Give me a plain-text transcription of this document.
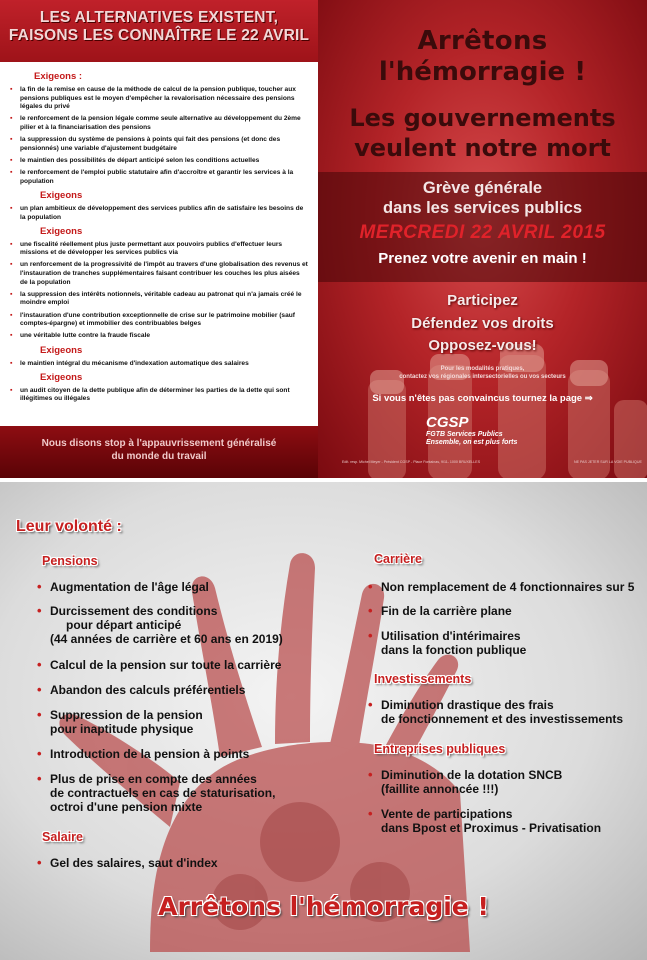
LES ALTERNATIVES EXISTENT,
FAISONS LES CONNAÎTRE LE 22 AVRIL
Exigeons :
▪ la fin de la remise en cause de la méthode de calcul de la pension publique, toucher aux pensions publiques est le moyen d'empêcher la revalorisation nécessaire des pensions légales du privé
▪ le renforcement de la pension légale comme seule alternative au développement du 2ème pilier et à la financiarisation des pensions
▪ la suppression du système de pensions à points qui fait des pensions (et donc des pensionnés) une variable d'ajustement budgétaire
▪ le maintien des possibilités de départ anticipé selon les conditions actuelles
▪ le renforcement de l'emploi public statutaire afin d'accroître et garantir les services à la population
Exigeons
▪ un plan ambitieux de développement des services publics afin de satisfaire les besoins de la population
Exigeons
▪ une fiscalité réellement plus juste permettant aux pouvoirs publics d'effectuer leurs missions et de développer les services publics via
▪ un renforcement de la progressivité de l'impôt au travers d'une globalisation des revenus et l'instauration de tranches supplémentaires faisant contribuer les couches les plus aisées de la population
▪ la suppression des intérêts notionnels, véritable cadeau au patronat qui n'a jamais créé le moindre emploi
▪ l'instauration d'une contribution exceptionnelle de crise sur le patrimoine mobilier (sauf comptes-épargne) et immobilier des contribuables belges
▪ une véritable lutte contre la fraude fiscale
Exigeons
▪ le maintien intégral du mécanisme d'indexation automatique des salaires
Exigeons
▪ un audit citoyen de la dette publique afin de déterminer les parties de la dette qui sont illégitimes ou illégales
Nous disons stop à l'appauvrissement généralisé
du monde du travail
Arrêtons
l'hémorragie !
Les gouvernements
veulent notre mort
Grève générale
dans les services publics
MERCREDI 22 AVRIL 2015
Prenez votre avenir en main !
Participez
Défendez vos droits
Opposez-vous!
Pour les modalités pratiques,
contactez vos régionales intersectorielles ou vos secteurs
Si vous n'êtes pas convaincus tournez la page ⇒
CGSP
FGTB Services Publics
Ensemble, on est plus forts
Edit. resp. Michel Meyer - Président CGSP - Place Fontainas, 9/11- 1000 BRUXELLES	NE PAS JETER SUR LA VOIE PUBLIQUE
Leur volonté :
Pensions
• Augmentation de l'âge légal
• Durcissement des conditions
pour départ anticipé
(44 années de carrière et 60 ans en 2019)
• Calcul de la pension sur toute la carrière
• Abandon des calculs préférentiels
• Suppression de la pension
pour inaptitude physique
• Introduction de la pension à points
• Plus de prise en compte des années
de contractuels en cas de staturisation,
octroi d'une pension mixte
Salaire
• Gel des salaires, saut d'index
Carrière
• Non remplacement de 4 fonctionnaires sur 5
• Fin de la carrière plane
• Utilisation d'intérimaires
dans la fonction publique
Investissements
• Diminution drastique des frais
de fonctionnement et des investissements
Entreprises publiques
• Diminution de la dotation SNCB
(faillite annoncée !!!)
• Vente de participations
dans Bpost et Proximus - Privatisation
Arrêtons l'hémorragie !
